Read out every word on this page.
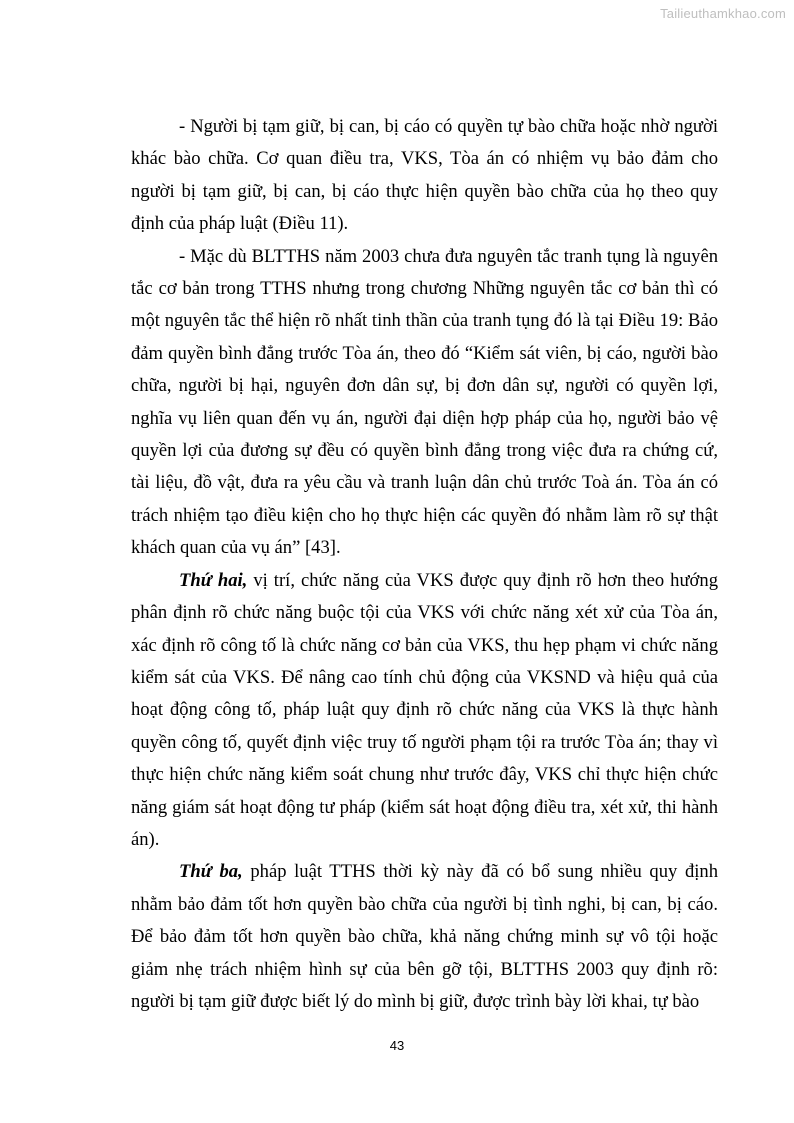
Tailieuthamkhao.com

- Người bị tạm giữ, bị can, bị cáo có quyền tự bào chữa hoặc nhờ người khác bào chữa. Cơ quan điều tra, VKS, Tòa án có nhiệm vụ bảo đảm cho người bị tạm giữ, bị can, bị cáo thực hiện quyền bào chữa của họ theo quy định của pháp luật (Điều 11).

- Mặc dù BLTTHS năm 2003 chưa đưa nguyên tắc tranh tụng là nguyên tắc cơ bản trong TTHS nhưng trong chương Những nguyên tắc cơ bản thì có một nguyên tắc thể hiện rõ nhất tinh thần của tranh tụng đó là tại Điều 19: Bảo đảm quyền bình đẳng trước Tòa án, theo đó “Kiểm sát viên, bị cáo, người bào chữa, người bị hại, nguyên đơn dân sự, bị đơn dân sự, người có quyền lợi, nghĩa vụ liên quan đến vụ án, người đại diện hợp pháp của họ, người bảo vệ quyền lợi của đương sự đều có quyền bình đẳng trong việc đưa ra chứng cứ, tài liệu, đồ vật, đưa ra yêu cầu và tranh luận dân chủ trước Toà án. Tòa án có trách nhiệm tạo điều kiện cho họ thực hiện các quyền đó nhằm làm rõ sự thật khách quan của vụ án” [43].

Thứ hai, vị trí, chức năng của VKS được quy định rõ hơn theo hướng phân định rõ chức năng buộc tội của VKS với chức năng xét xử của Tòa án, xác định rõ công tố là chức năng cơ bản của VKS, thu hẹp phạm vi chức năng kiểm sát của VKS. Để nâng cao tính chủ động của VKSND và hiệu quả của hoạt động công tố, pháp luật quy định rõ chức năng của VKS là thực hành quyền công tố, quyết định việc truy tố người phạm tội ra trước Tòa án; thay vì thực hiện chức năng kiểm soát chung như trước đây, VKS chỉ thực hiện chức năng giám sát hoạt động tư pháp (kiểm sát hoạt động điều tra, xét xử, thi hành án).

Thứ ba, pháp luật TTHS thời kỳ này đã có bổ sung nhiều quy định nhằm bảo đảm tốt hơn quyền bào chữa của người bị tình nghi, bị can, bị cáo. Để bảo đảm tốt hơn quyền bào chữa, khả năng chứng minh sự vô tội hoặc giảm nhẹ trách nhiệm hình sự của bên gỡ tội, BLTTHS 2003 quy định rõ: người bị tạm giữ được biết lý do mình bị giữ, được trình bày lời khai, tự bào

43
